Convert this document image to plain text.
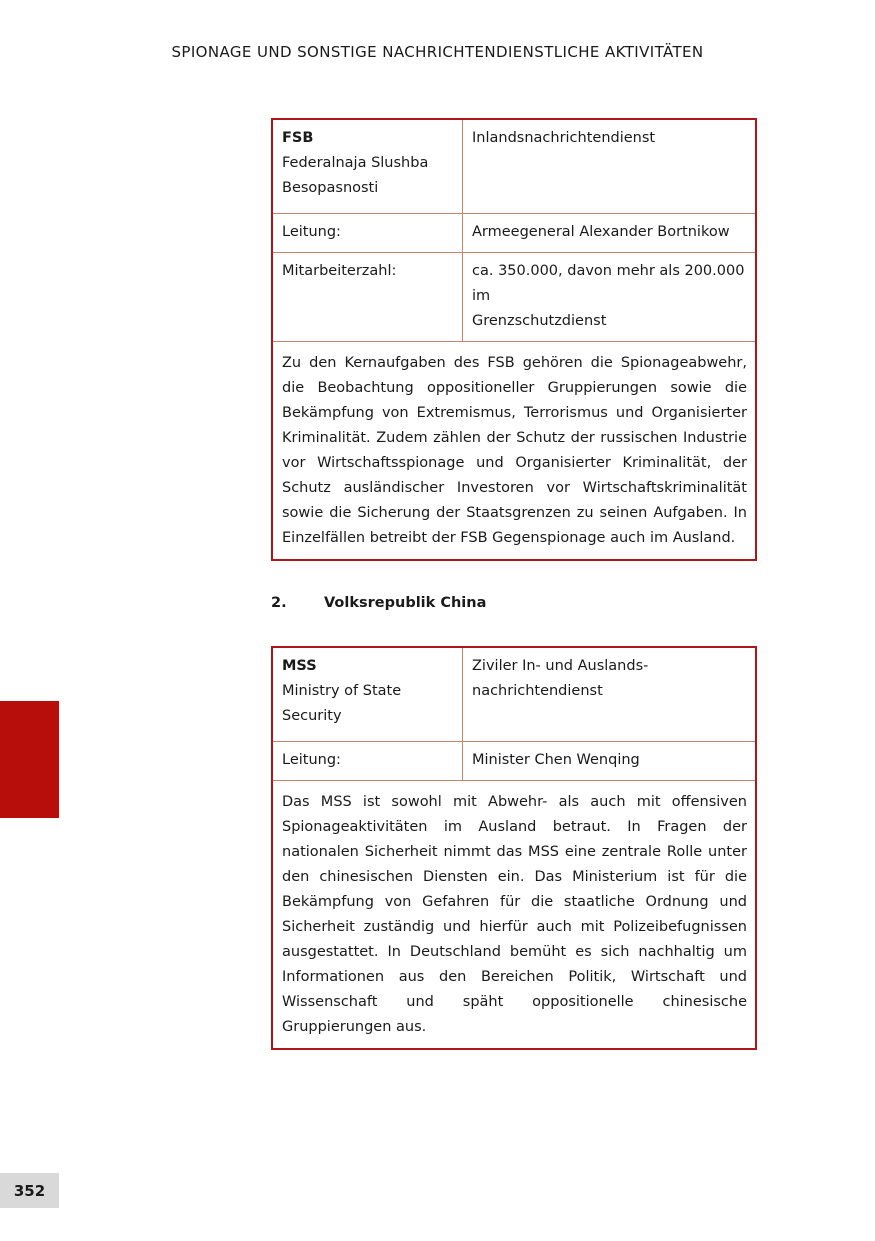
SPIONAGE UND SONSTIGE NACHRICHTENDIENSTLICHE AKTIVITÄTEN
FSB
Federalnaja Slushba
Besopasnosti	Inlandsnachrichtendienst

Leitung:	Armeegeneral Alexander Bortnikow
Mitarbeiterzahl:	ca. 350.000, davon mehr als 200.000 im
Grenzschutzdienst

Zu den Kernaufgaben des FSB gehören die Spionageabwehr, die Beobachtung oppositioneller Gruppierungen sowie die Bekämpfung von Extremismus, Terrorismus und Organisierter Kriminalität. Zudem zählen der Schutz der russischen Industrie vor Wirtschaftsspionage und Organisierter Kriminalität, der Schutz ausländischer Investoren vor Wirtschaftskriminalität sowie die Sicherung der Staatsgrenzen zu seinen Aufgaben. In Einzelfällen betreibt der FSB Gegenspionage auch im Ausland.	
2.	Volksrepublik China
MSS
Ministry of State
Security	Ziviler In- und Auslands-
nachrichtendienst

Leitung:	Minister Chen Wenqing
Das MSS ist sowohl mit Abwehr- als auch mit offensiven Spionageaktivitäten im Ausland betraut. In Fragen der nationalen Sicherheit nimmt das MSS eine zentrale Rolle unter den chinesischen Diensten ein. Das Ministerium ist für die Bekämpfung von Gefahren für die staatliche Ordnung und Sicherheit zuständig und hierfür auch mit Polizeibefugnissen ausgestattet. In Deutschland bemüht es sich nachhaltig um Informationen aus den Bereichen Politik, Wirtschaft und Wissenschaft und späht oppositionelle chinesische Gruppierungen aus.	
352
